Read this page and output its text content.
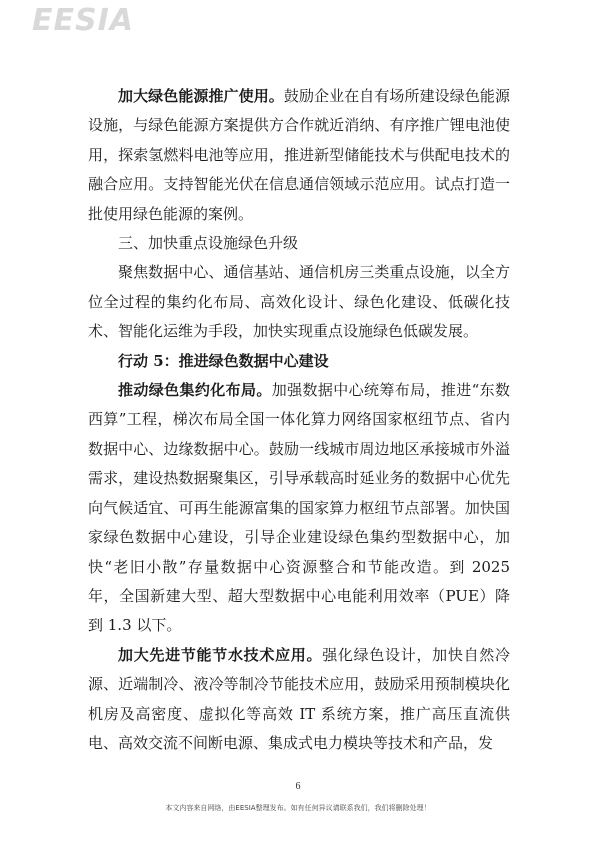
EESIA

加大绿色能源推广使用。鼓励企业在自有场所建设绿色能源设施，与绿色能源方案提供方合作就近消纳、有序推广锂电池使用，探索氢燃料电池等应用，推进新型储能技术与供配电技术的融合应用。支持智能光伏在信息通信领域示范应用。试点打造一批使用绿色能源的案例。

三、加快重点设施绿色升级

聚焦数据中心、通信基站、通信机房三类重点设施，以全方位全过程的集约化布局、高效化设计、绿色化建设、低碳化技术、智能化运维为手段，加快实现重点设施绿色低碳发展。

行动 5：推进绿色数据中心建设

推动绿色集约化布局。加强数据中心统筹布局，推进“东数西算”工程，梯次布局全国一体化算力网络国家枢纽节点、省内数据中心、边缘数据中心。鼓励一线城市周边地区承接城市外溢需求，建设热数据聚集区，引导承载高时延业务的数据中心优先向气候适宜、可再生能源富集的国家算力枢纽节点部署。加快国家绿色数据中心建设，引导企业建设绿色集约型数据中心，加快“老旧小散”存量数据中心资源整合和节能改造。到 2025 年，全国新建大型、超大型数据中心电能利用效率（PUE）降到 1.3 以下。

加大先进节能节水技术应用。强化绿色设计，加快自然冷源、近端制冷、液冷等制冷节能技术应用，鼓励采用预制模块化机房及高密度、虚拟化等高效 IT 系统方案，推广高压直流供电、高效交流不间断电源、集成式电力模块等技术和产品，发

6
本文内容来自网络，由EESIA整理发布。如有任何异议请联系我们，我们将删除处理！
